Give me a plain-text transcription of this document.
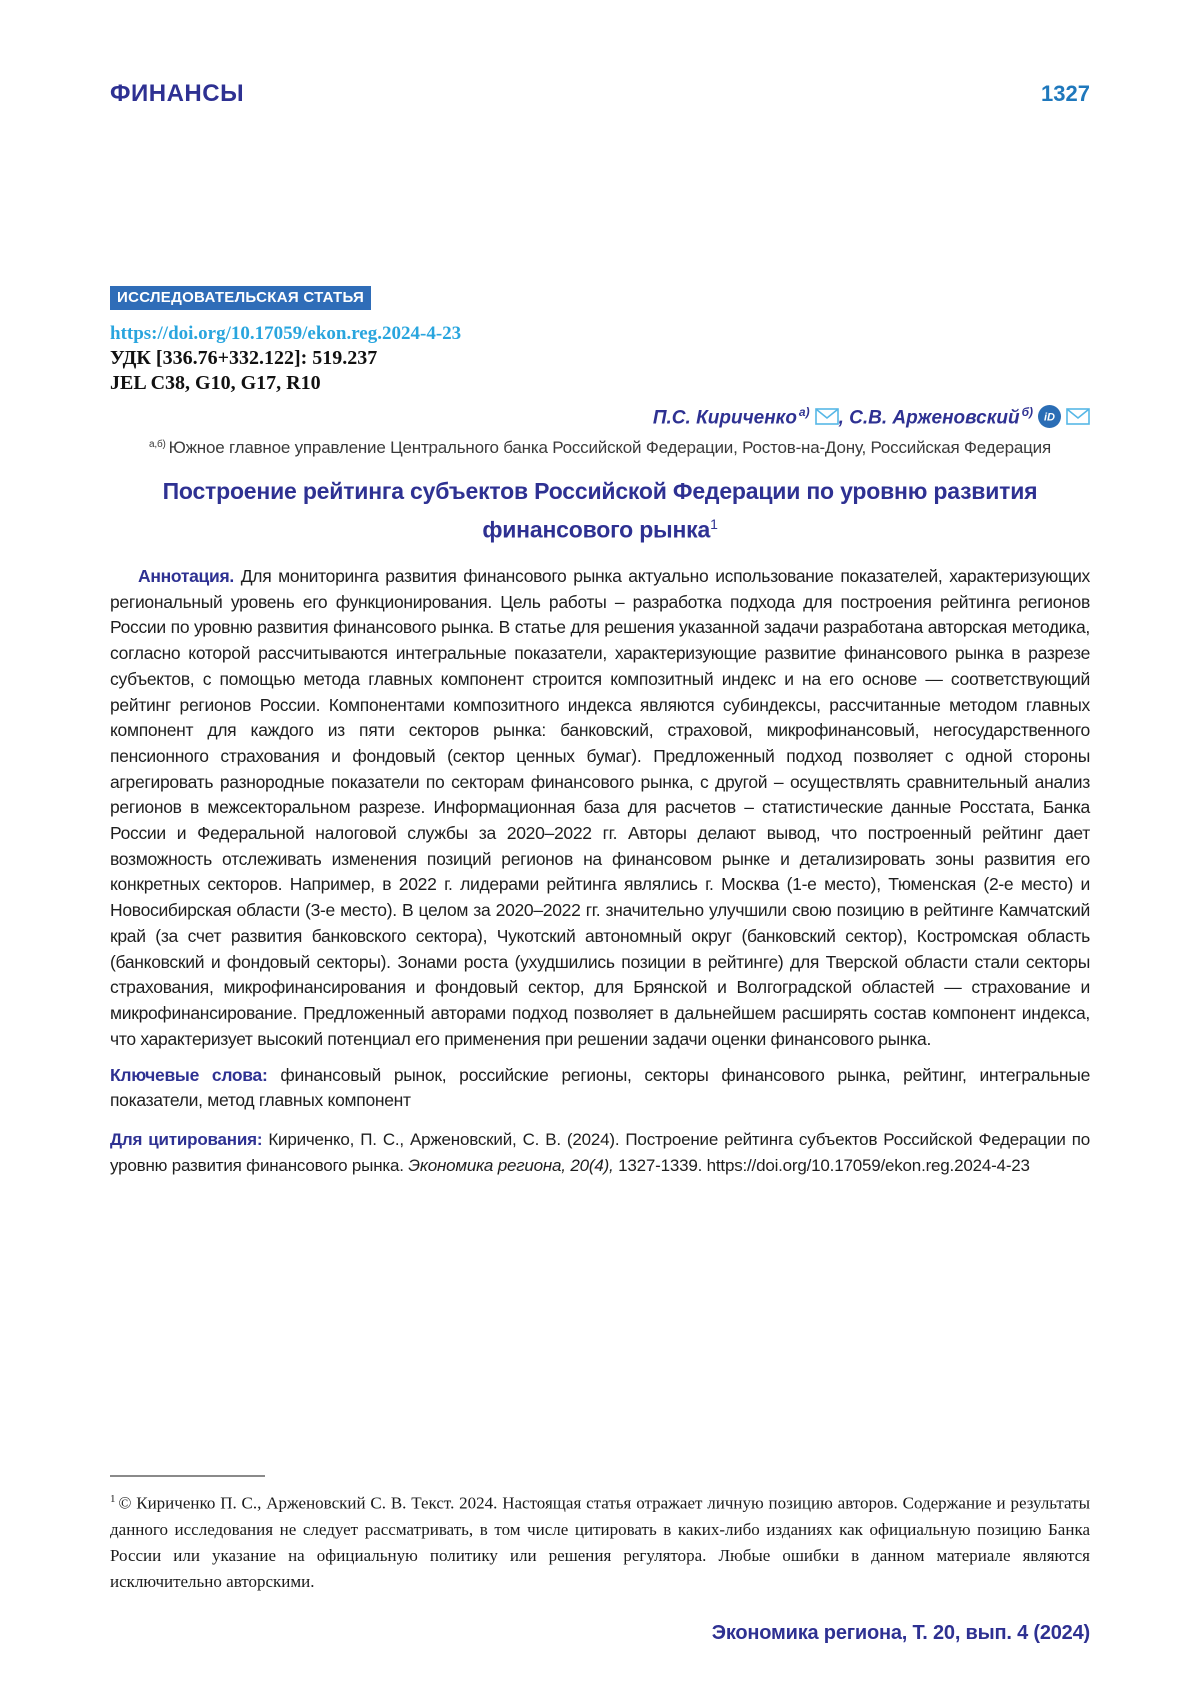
ФИНАНСЫ	1327
ИССЛЕДОВАТЕЛЬСКАЯ СТАТЬЯ
https://doi.org/10.17059/ekon.reg.2024-4-23
УДК [336.76+332.122]: 519.237
JEL C38, G10, G17, R10
П.С. Кириченко $^{а)}$ , С.В. Арженовский $^{б)}$ iD
$^{а,б)}$ Южное главное управление Центрального банка Российской Федерации, Ростов-на-Дону, Российская Федерация
Построение рейтинга субъектов Российской Федерации по уровню развития финансового рынка$^1$

Аннотация. Для мониторинга развития финансового рынка актуально использование показателей, характеризующих региональный уровень его функционирования. Цель работы – разработка подхода для построения рейтинга регионов России по уровню развития финансового рынка. В статье для решения указанной задачи разработана авторская методика, согласно которой рассчитываются интегральные показатели, характеризующие развитие финансового рынка в разрезе субъектов, с помощью метода главных компонент строится композитный индекс и на его основе — соответствующий рейтинг регионов России. Компонентами композитного индекса являются субиндексы, рассчитанные методом главных компонент для каждого из пяти секторов рынка: банковский, страховой, микрофинансовый, негосударственного пенсионного страхования и фондовый (сектор ценных бумаг). Предложенный подход позволяет с одной стороны агрегировать разнородные показатели по секторам финансового рынка, с другой – осуществлять сравнительный анализ регионов в межсекторальном разрезе. Информационная база для расчетов – статистические данные Росстата, Банка России и Федеральной налоговой службы за 2020–2022 гг. Авторы делают вывод, что построенный рейтинг дает возможность отслеживать изменения позиций регионов на финансовом рынке и детализировать зоны развития его конкретных секторов. Например, в 2022 г. лидерами рейтинга являлись г. Москва (1-е место), Тюменская (2-е место) и Новосибирская области (3-е место). В целом за 2020–2022 гг. значительно улучшили свою позицию в рейтинге Камчатский край (за счет развития банковского сектора), Чукотский автономный округ (банковский сектор), Костромская область (банковский и фондовый секторы). Зонами роста (ухудшились позиции в рейтинге) для Тверской области стали секторы страхования, микрофинансирования и фондовый сектор, для Брянской и Волгоградской областей — страхование и микрофинансирование. Предложенный авторами подход позволяет в дальнейшем расширять состав компонент индекса, что характеризует высокий потенциал его применения при решении задачи оценки финансового рынка.

Ключевые слова: финансовый рынок, российские регионы, секторы финансового рынка, рейтинг, интегральные показатели, метод главных компонент

Для цитирования: Кириченко, П. С., Арженовский, С. В. (2024). Построение рейтинга субъектов Российской Федерации по уровню развития финансового рынка. Экономика региона, 20(4), 1327-1339. https://doi.org/10.17059/ekon.reg.2024-4-23

$^1$ © Кириченко П. С., Арженовский С. В. Текст. 2024. Настоящая статья отражает личную позицию авторов. Содержание и результаты данного исследования не следует рассматривать, в том числе цитировать в каких-либо изданиях как официальную позицию Банка России или указание на официальную политику или решения регулятора. Любые ошибки в данном материале являются исключительно авторскими.

Экономика региона, Т. 20, вып. 4 (2024)
